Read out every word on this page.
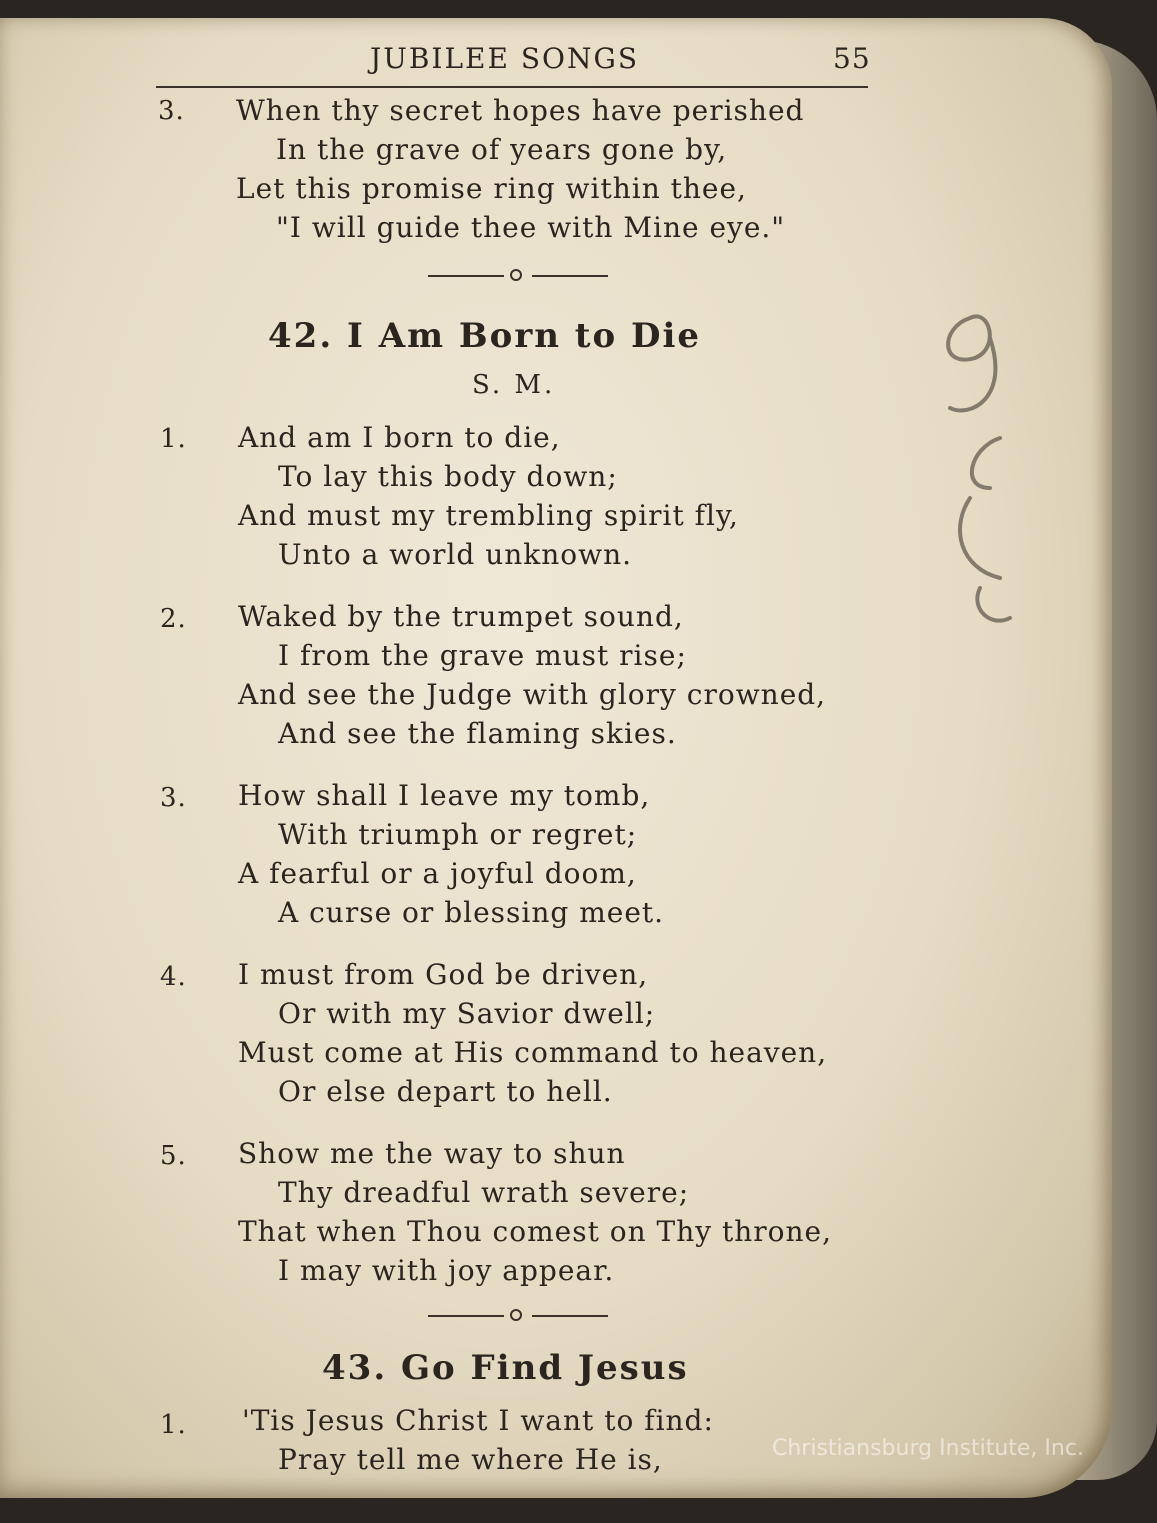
JUBILEE SONGS	55
3. When thy secret hopes have perished
In the grave of years gone by,
Let this promise ring within thee,
"I will guide thee with Mine eye."
42. I Am Born to Die
S. M.
1. And am I born to die,
To lay this body down;
And must my trembling spirit fly,
Unto a world unknown.
2. Waked by the trumpet sound,
I from the grave must rise;
And see the Judge with glory crowned,
And see the flaming skies.
3. How shall I leave my tomb,
With triumph or regret;
A fearful or a joyful doom,
A curse or blessing meet.
4. I must from God be driven,
Or with my Savior dwell;
Must come at His command to heaven,
Or else depart to hell.
5. Show me the way to shun
Thy dreadful wrath severe;
That when Thou comest on Thy throne,
I may with joy appear.
43. Go Find Jesus
1. 'Tis Jesus Christ I want to find:
Pray tell me where He is,	Christiansburg Institute, Inc.
